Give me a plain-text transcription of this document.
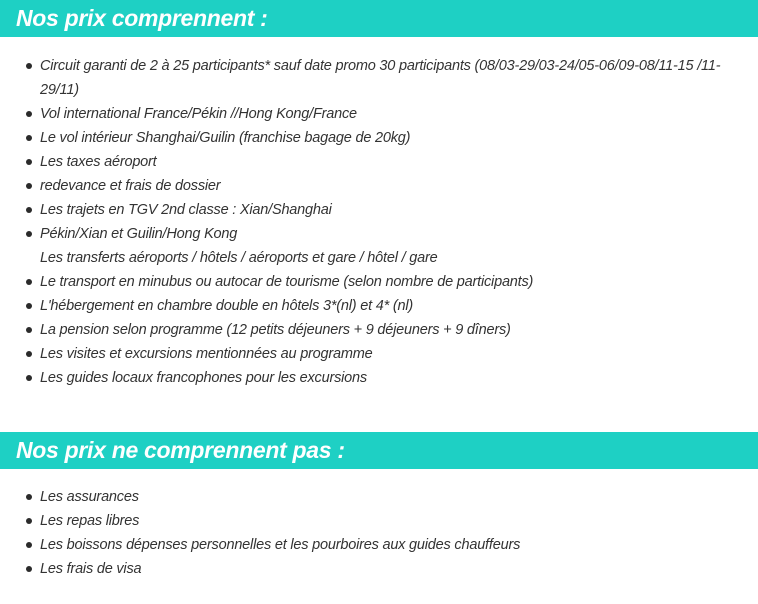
Nos prix comprennent :
Circuit garanti de 2 à 25 participants* sauf date promo 30 participants (08/03-29/03-24/05-06/09-08/11-15 /11-29/11)
Vol international France/Pékin //Hong Kong/France
Le vol intérieur Shanghai/Guilin (franchise bagage de 20kg)
Les taxes aéroport
redevance et frais de dossier
Les trajets en TGV 2nd classe : Xian/Shanghai
Pékin/Xian et Guilin/Hong Kong
Les transferts aéroports / hôtels / aéroports et gare / hôtel / gare
Le transport en minubus ou autocar de tourisme (selon nombre de participants)
L'hébergement en chambre double en hôtels 3*(nl) et 4* (nl)
La pension selon programme (12 petits déjeuners + 9 déjeuners + 9 dîners)
Les visites et excursions mentionnées au programme
Les guides locaux francophones pour les excursions
Nos prix ne comprennent pas :
Les assurances
Les repas libres
Les boissons dépenses personnelles et les pourboires aux guides chauffeurs
Les frais de visa
